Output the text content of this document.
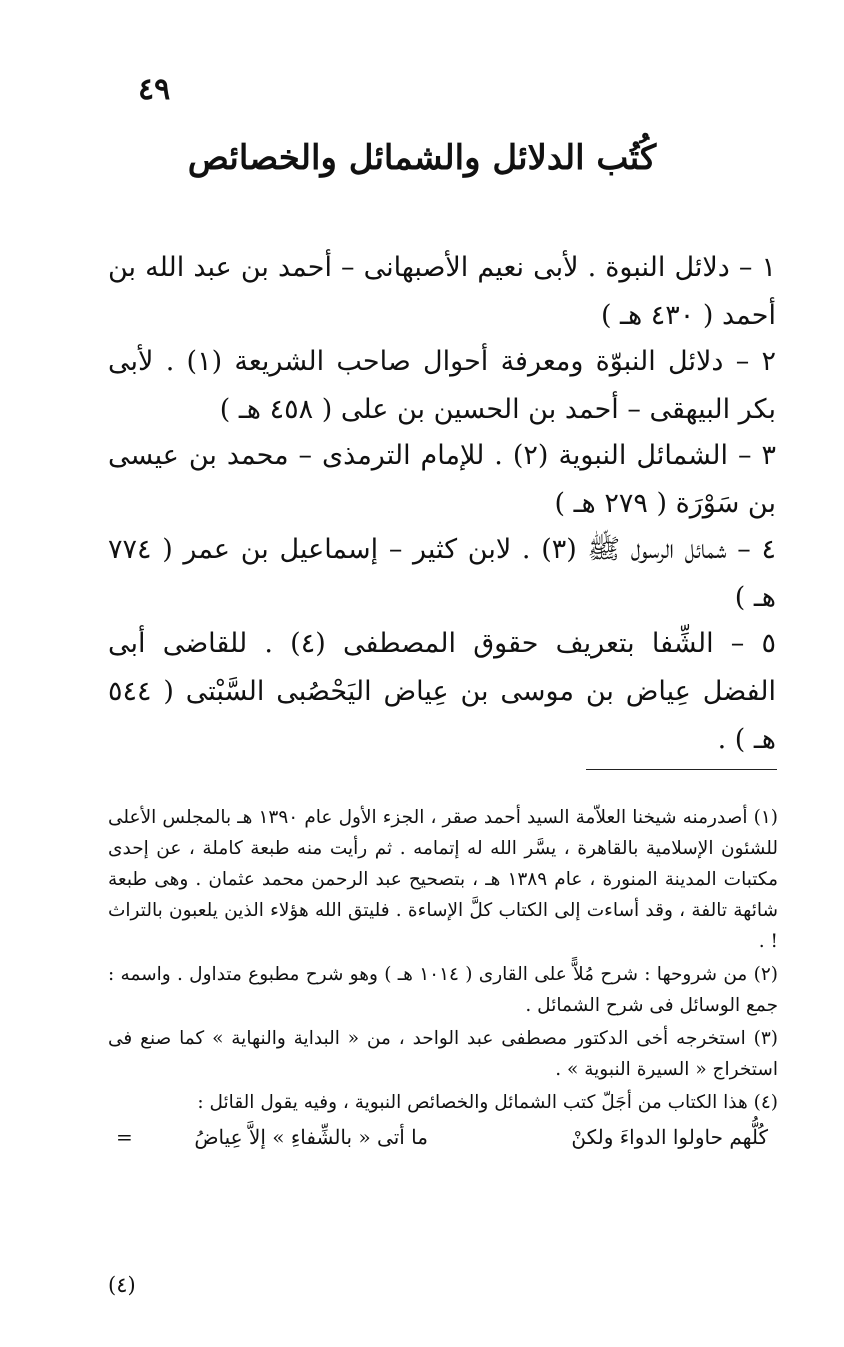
٤٩
كُتُب الدلائل والشمائل والخصائص

١ – دلائل النبوة . لأبى نعيم الأصبهانى – أحمد بن عبد الله بن أحمد ( ٤٣٠ هـ )

٢ – دلائل النبوّة ومعرفة أحوال صاحب الشريعة (١) . لأبى بكر البيهقى – أحمد بن الحسين بن على ( ٤٥٨ هـ )

٣ – الشمائل النبوية (٢) . للإمام الترمذى – محمد بن عيسى بن سَوْرَة ( ٢٧٩ هـ )

٤ – شمائل الرسول ﷺ (٣) . لابن كثير – إسماعيل بن عمر ( ٧٧٤ هـ )

٥ – الشِّفا بتعريف حقوق المصطفى (٤) . للقاضى أبى الفضل عِياض بن موسى بن عِياض اليَحْصُبى السَّبْتى ( ٥٤٤ هـ ) .

(١) أصدرمنه شيخنا العلاّمة السيد أحمد صقر ، الجزء الأول عام ١٣٩٠ هـ بالمجلس الأعلى للشئون الإسلامية بالقاهرة ، يسَّر الله له إتمامه . ثم رأيت منه طبعة كاملة ، عن إحدى مكتبات المدينة المنورة ، عام ١٣٨٩ هـ ، بتصحيح عبد الرحمن محمد عثمان . وهى طبعة شائهة تالفة ، وقد أساءت إلى الكتاب كلَّ الإساءة . فليتق الله هؤلاء الذين يلعبون بالتراث ! .

(٢) من شروحها : شرح مُلاًّ على القارى ( ١٠١٤ هـ ) وهو شرح مطبوع متداول . واسمه : جمع الوسائل فى شرح الشمائل .

(٣) استخرجه أخى الدكتور مصطفى عبد الواحد ، من « البداية والنهاية » كما صنع فى استخراج « السيرة النبوية » .

(٤) هذا الكتاب من أجَلّ كتب الشمائل والخصائص النبوية ، وفيه يقول القائل :

كُلُّهم حاولوا الدواءَ ولكنْ
ما أتى « بالشِّفاءِ » إلاَّ عِياضُ
=
(٤)
